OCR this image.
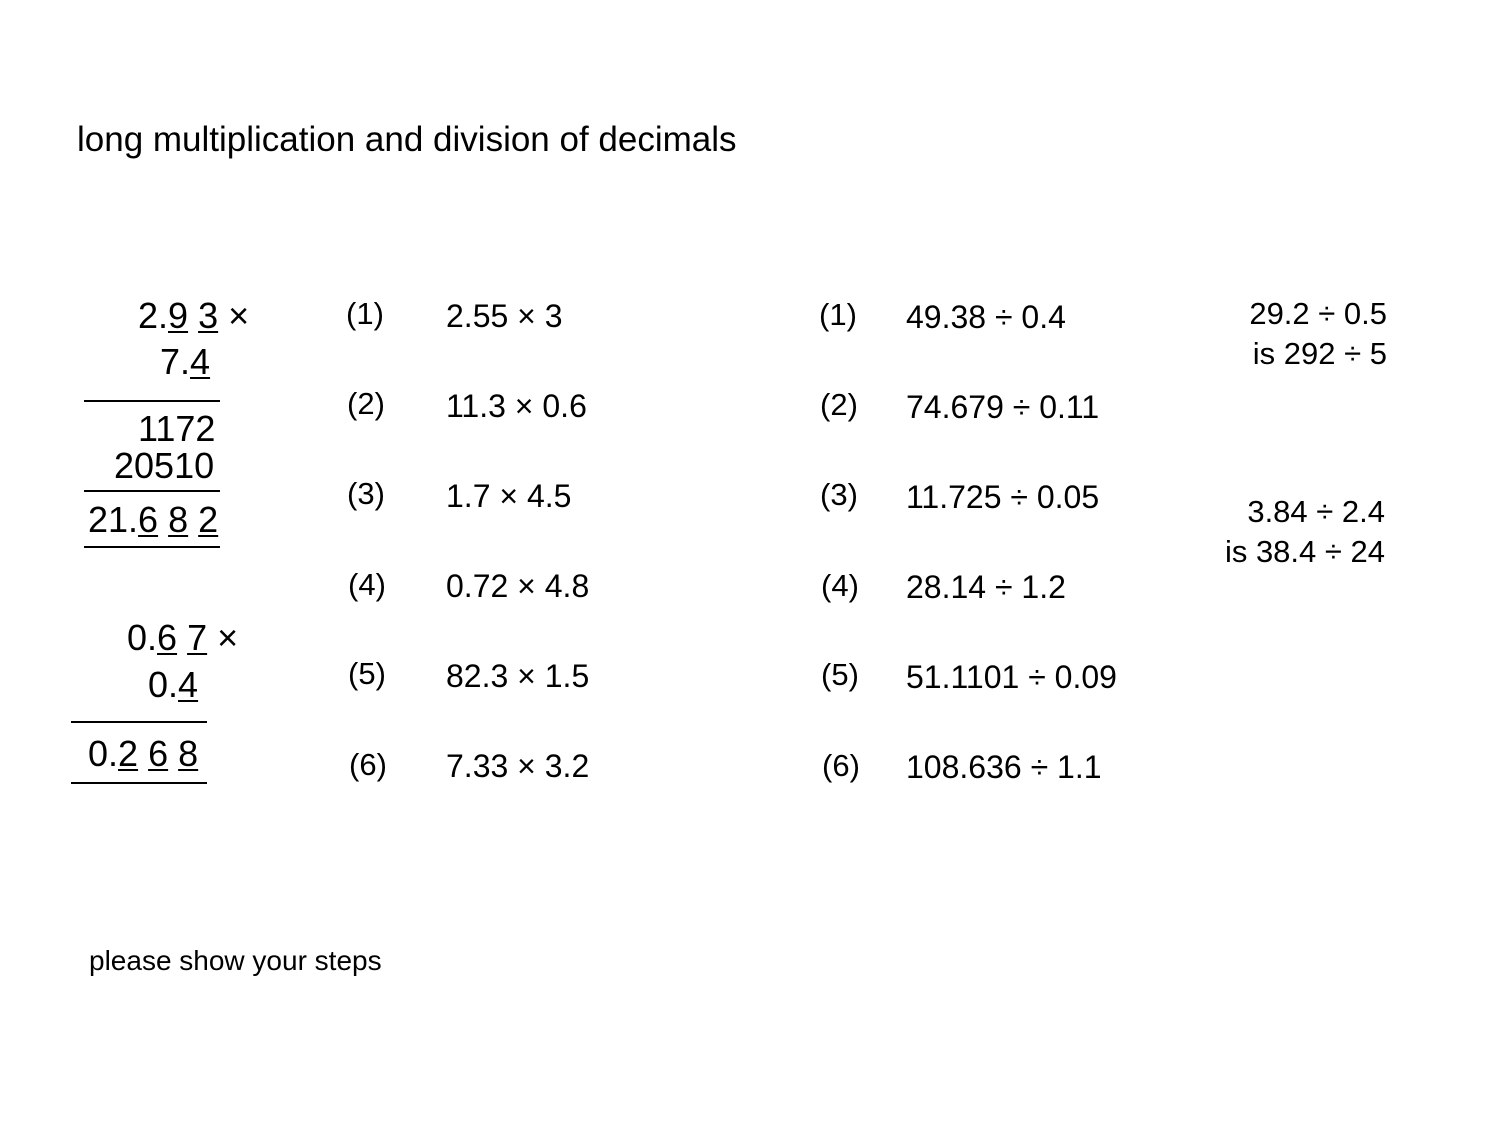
long multiplication and division of decimals
2.9 3 ×
7.4
1172
20510
21.6 8 2
0.6 7 ×
0.4
0.2 6 8
(1) 2.55 × 3
(2) 11.3 × 0.6
(3) 1.7 × 4.5
(4) 0.72 × 4.8
(5) 82.3 × 1.5
(6) 7.33 × 3.2
(1) 49.38 ÷ 0.4
(2) 74.679 ÷ 0.11
(3) 11.725 ÷ 0.05
(4) 28.14 ÷ 1.2
(5) 51.1101 ÷ 0.09
(6) 108.636 ÷ 1.1
29.2 ÷ 0.5
is 292 ÷ 5
3.84 ÷ 2.4
is 38.4 ÷ 24
please show your steps
